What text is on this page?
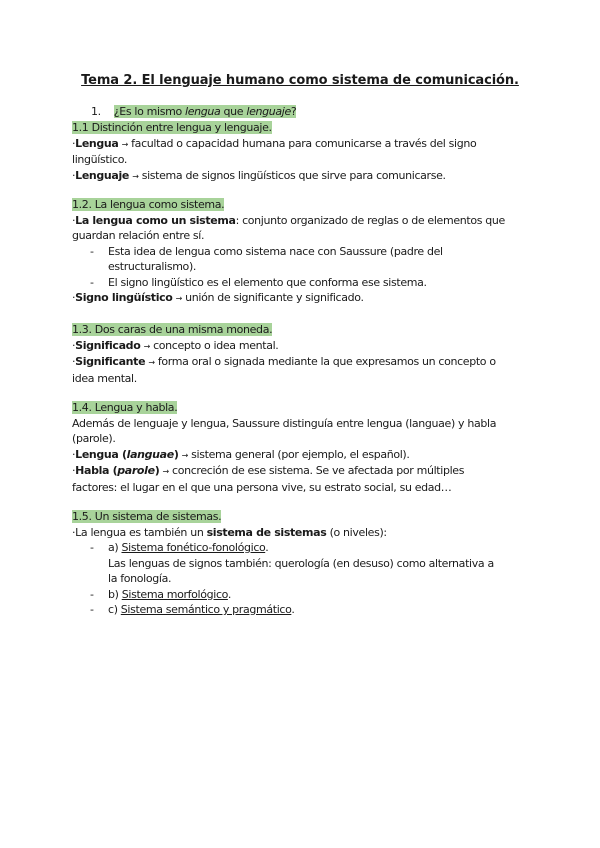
Tema 2. El lenguaje humano como sistema de comunicación.
1. ¿Es lo mismo lengua que lenguaje?
1.1 Distinción entre lengua y lenguaje.
·Lengua → facultad o capacidad humana para comunicarse a través del signo
lingüístico.
·Lenguaje → sistema de signos lingüísticos que sirve para comunicarse.
1.2. La lengua como sistema.
·La lengua como un sistema: conjunto organizado de reglas o de elementos que
guardan relación entre sí.
- Esta idea de lengua como sistema nace con Saussure (padre del
estructuralismo).
- El signo lingüístico es el elemento que conforma ese sistema.
·Signo lingüístico → unión de significante y significado.
1.3. Dos caras de una misma moneda.
·Significado → concepto o idea mental.
·Significante → forma oral o signada mediante la que expresamos un concepto o
idea mental.
1.4. Lengua y habla.
Además de lenguaje y lengua, Saussure distinguía entre lengua (languae) y habla
(parole).
·Lengua (languae) → sistema general (por ejemplo, el español).
·Habla (parole) → concreción de ese sistema. Se ve afectada por múltiples
factores: el lugar en el que una persona vive, su estrato social, su edad…
1.5. Un sistema de sistemas.
·La lengua es también un sistema de sistemas (o niveles):
- a) Sistema fonético-fonológico.
Las lenguas de signos también: querología (en desuso) como alternativa a
la fonología.
- b) Sistema morfológico.
- c) Sistema semántico y pragmático.
